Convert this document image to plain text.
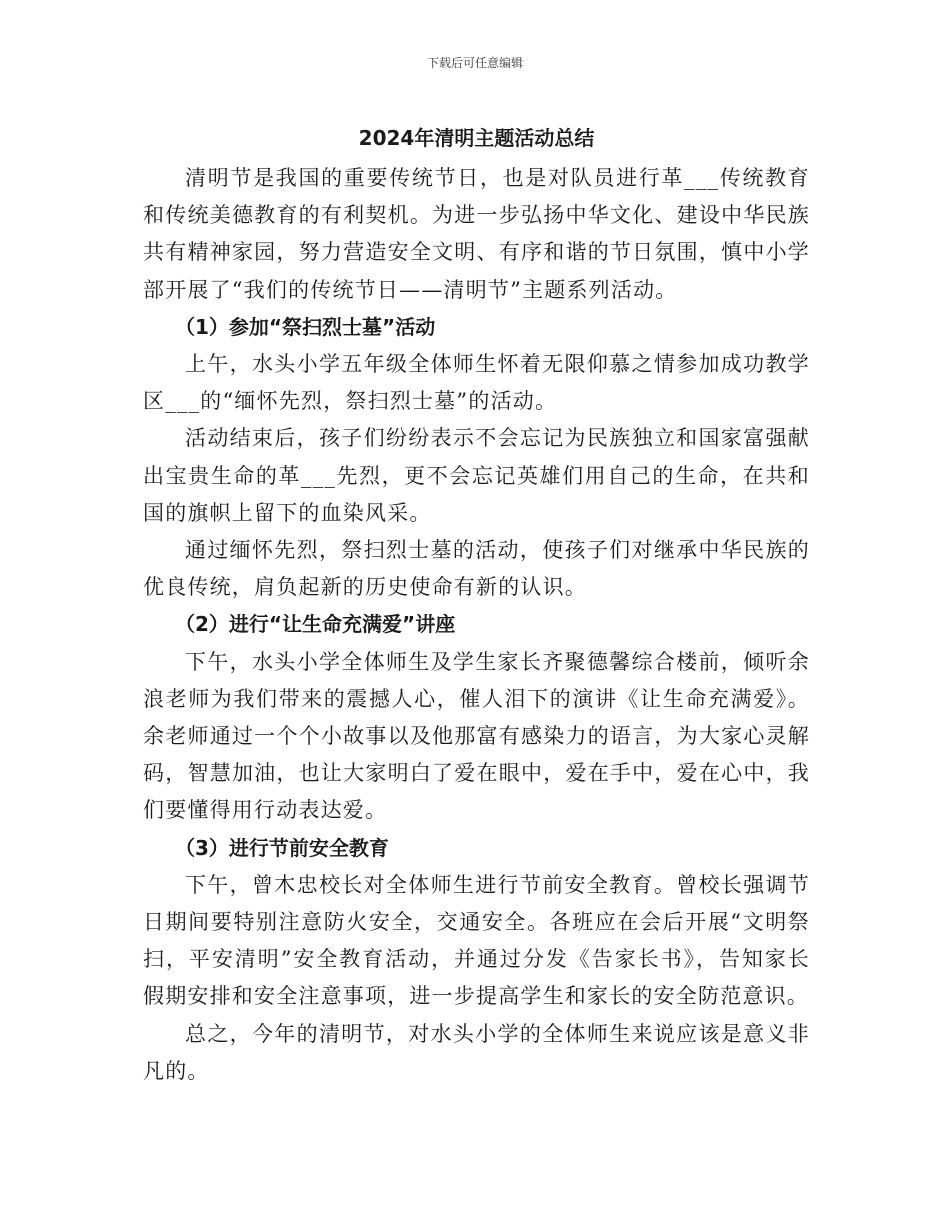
下载后可任意编辑
2024年清明主题活动总结

清明节是我国的重要传统节日，也是对队员进行革___传统教育和传统美德教育的有利契机。为进一步弘扬中华文化、建设中华民族共有精神家园，努力营造安全文明、有序和谐的节日氛围，慎中小学部开展了“我们的传统节日——清明节”主题系列活动。

（1）参加“祭扫烈士墓”活动

上午，水头小学五年级全体师生怀着无限仰慕之情参加成功教学区___的“缅怀先烈，祭扫烈士墓”的活动。

活动结束后，孩子们纷纷表示不会忘记为民族独立和国家富强献出宝贵生命的革___先烈，更不会忘记英雄们用自己的生命，在共和国的旗帜上留下的血染风采。

通过缅怀先烈，祭扫烈士墓的活动，使孩子们对继承中华民族的优良传统，肩负起新的历史使命有新的认识。

（2）进行“让生命充满爱”讲座

下午，水头小学全体师生及学生家长齐聚德馨综合楼前，倾听余浪老师为我们带来的震撼人心，催人泪下的演讲《让生命充满爱》。余老师通过一个个小故事以及他那富有感染力的语言，为大家心灵解码，智慧加油，也让大家明白了爱在眼中，爱在手中，爱在心中，我们要懂得用行动表达爱。

（3）进行节前安全教育

下午，曾木忠校长对全体师生进行节前安全教育。曾校长强调节日期间要特别注意防火安全，交通安全。各班应在会后开展“文明祭扫，平安清明”安全教育活动，并通过分发《告家长书》，告知家长假期安排和安全注意事项，进一步提高学生和家长的安全防范意识。

总之，今年的清明节，对水头小学的全体师生来说应该是意义非凡的。
